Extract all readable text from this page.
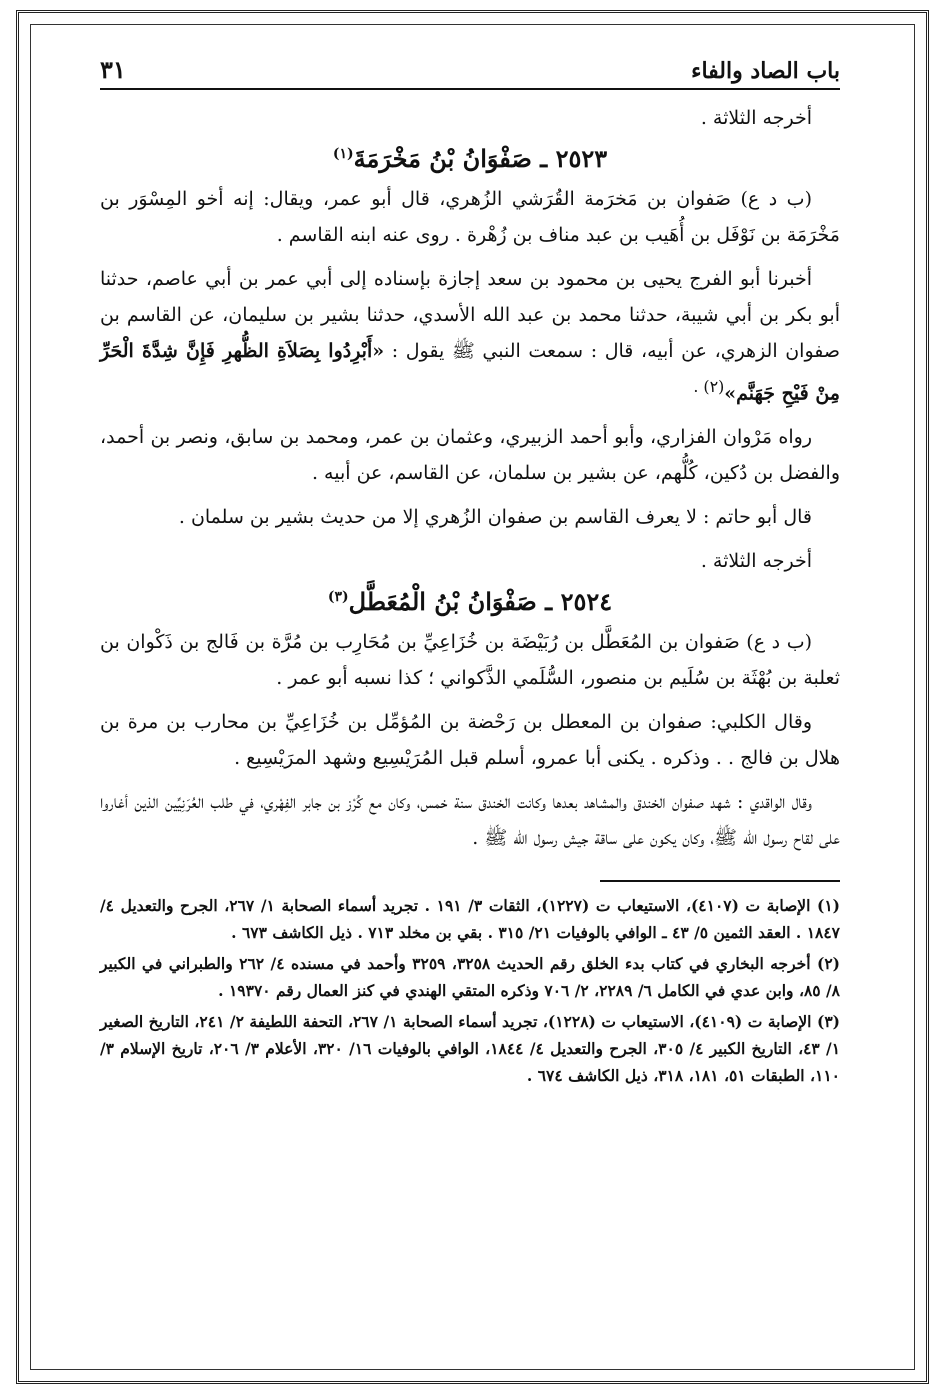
باب الصاد والفاء
٣١

أخرجه الثلاثة .

٢٥٢٣ ـ صَفْوَانُ بْنُ مَخْرَمَةَ$^{(١)}$

(ب د ع) صَفوان بن مَخرَمة القُرَشي الزُهري، قال أبو عمر، ويقال: إنه أخو المِسْوَر بن مَخْرَمَة بن نَوْفَل بن أُهَيب بن عبد مناف بن زُهْرة . روى عنه ابنه القاسم .

أخبرنا أبو الفرج يحيى بن محمود بن سعد إجازة بإسناده إلى أبي عمر بن أبي عاصم، حدثنا أبو بكر بن أبي شيبة، حدثنا محمد بن عبد الله الأسدي، حدثنا بشير بن سليمان، عن القاسم بن صفوان الزهري، عن أبيه، قال : سمعت النبي ﷺ يقول : «أَبْرِدُوا بِصَلاَةِ الظُّهرِ فَإِنَّ شِدَّةَ الْحَرِّ مِنْ فَيْحِ جَهَنَّم»$^{(٢) .}$

رواه مَرْوان الفزاري، وأبو أحمد الزبيري، وعثمان بن عمر، ومحمد بن سابق، ونصر بن أحمد، والفضل بن دُكين، كُلُّهم، عن بشير بن سلمان، عن القاسم، عن أبيه .

قال أبو حاتم : لا يعرف القاسم بن صفوان الزُهري إلا من حديث بشير بن سلمان .

أخرجه الثلاثة .

٢٥٢٤ ـ صَفْوَانُ بْنُ الْمُعَطَّل$^{(٣)}$

(ب د ع) صَفوان بن المُعَطَّل بن رُبَيْضَة بن خُزَاعِيِّ بن مُحَارِب بن مُرَّة بن فَالج بن ذَكْوان بن ثعلبة بن بُهْثَة بن سُلَيم بن منصور، السُّلَمي الذَّكواني ؛ كذا نسبه أبو عمر .

وقال الكلبي: صفوان بن المعطل بن رَحْضة بن المُؤمِّل بن خُزَاعِيِّ بن محارب بن مرة بن هلال بن فالج . . وذكره . يكنى أبا عمرو، أسلم قبل المُرَيْسِيع وشهد المرَيْسِيع .

وقال الواقدي : شهد صفوان الخندق والمشاهد بعدها وكانت الخندق سنة خمس، وكان مع كُرْز بن جابر الفِهْري، في طلب العُرَنِيِّين الذين أغاروا على لقاح رسول الله ﷺ، وكان يكون على ساقة جيش رسول الله ﷺ .

(١) الإصابة ت (٤١٠٧)، الاستيعاب ت (١٢٢٧)، الثقات ٣/ ١٩١ . تجريد أسماء الصحابة ١/ ٢٦٧، الجرح والتعديل ٤/ ١٨٤٧ . العقد الثمين ٥/ ٤٣ ـ الوافي بالوفيات ٢١/ ٣١٥ . بقي بن مخلد ٧١٣ . ذيل الكاشف ٦٧٣ .

(٢) أخرجه البخاري في كتاب بدء الخلق رقم الحديث ٣٢٥٨، ٣٢٥٩ وأحمد في مسنده ٤/ ٢٦٢ والطبراني في الكبير ٨/ ٨٥، وابن عدي في الكامل ٦/ ٢٢٨٩، ٢/ ٧٠٦ وذكره المتقي الهندي في كنز العمال رقم ١٩٣٧٠ .

(٣) الإصابة ت (٤١٠٩)، الاستيعاب ت (١٢٢٨)، تجريد أسماء الصحابة ١/ ٢٦٧، التحفة اللطيفة ٢/ ٢٤١، التاريخ الصغير ١/ ٤٣، التاريخ الكبير ٤/ ٣٠٥، الجرح والتعديل ٤/ ١٨٤٤، الوافي بالوفيات ١٦/ ٣٢٠، الأعلام ٣/ ٢٠٦، تاريخ الإسلام ٣/ ١١٠، الطبقات ٥١، ١٨١، ٣١٨، ذيل الكاشف ٦٧٤ .
